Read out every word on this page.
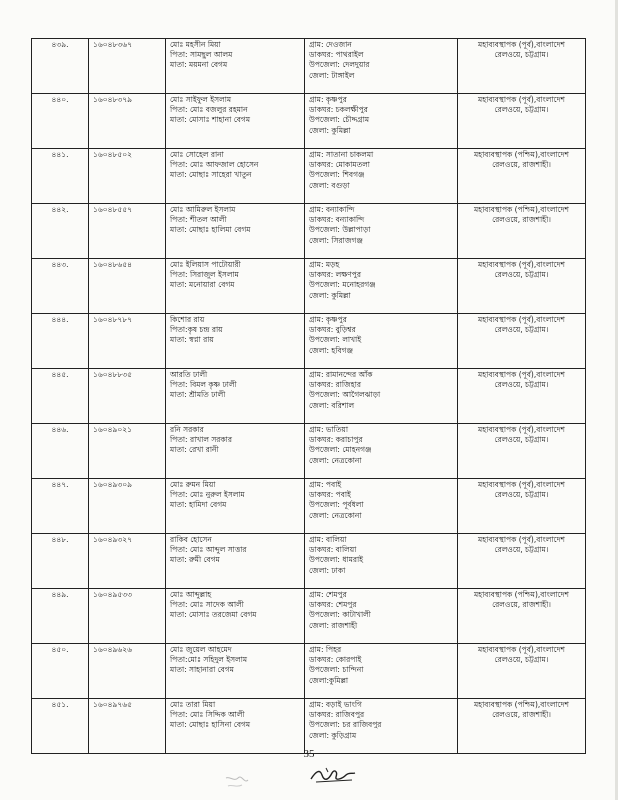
৪৩৯.	১৬০৪৮৩৬৭	মোঃ মহসীন মিয়া
পিতা: সামছুল আলম
মাতা: ময়মনা বেগম	গ্রাম: দেওজান
ডাকঘর: পাথরাইল
উপজেলা: দেলদুয়ার
জেলা: টাঙ্গাইল	মহাব্যবস্থাপক (পূর্ব),বাংলাদেশ
রেলওয়ে, চট্টগ্রাম।

৪৪০.	১৬০৪৮৩৭৯	মোঃ সাইফুল ইসলাম
পিতা: মোঃ বজলুর রহমান
মাতা: মোসাঃ শাহানা বেগম	গ্রাম: কৃষ্ণপুর
ডাকঘর: চকলক্ষীপুর
উপজেলা: চৌদ্দগ্রাম
জেলা: কুমিল্লা	মহাব্যবস্থাপক (পূর্ব),বাংলাদেশ
রেলওয়ে, চট্টগ্রাম।

৪৪১.	১৬০৪৮৫০২	মোঃ সোহেল রানা
পিতা: মোঃ আফজাল হোসেন
মাতা: মোছাঃ সাহেরা খাতুন	গ্রাম: সাতানা চাকলমা
ডাকঘর: মোকামতলা
উপজেলা: শিবগঞ্জ
জেলা: বগুড়া	মহাব্যবস্থাপক (পশ্চিম),বাংলাদেশ
রেলওয়ে, রাজশাহী।

৪৪২.	১৬০৪৮৫৫৭	মোঃ আমিরুল ইসলাম
পিতা: শীতল আলী
মাতা: মোছাঃ হালিমা বেগম	গ্রাম: বন্যাকান্দি
ডাকঘর: বন্যাকান্দি
উপজেলা: উল্লাপাড়া
জেলা: সিরাজগঞ্জ	মহাব্যবস্থাপক (পশ্চিম),বাংলাদেশ
রেলওয়ে, রাজশাহী।

৪৪৩.	১৬০৪৮৬৫৪	মোঃ ইলিয়াস পাটোয়ারী
পিতা: সিরাজুল ইসলাম
মাতা: মনোয়ারা বেগম	গ্রাম: মড়হ
ডাকঘর: লক্ষণপুর
উপজেলা: মনোহরগঞ্জ
জেলা: কুমিল্লা	মহাব্যবস্থাপক (পূর্ব),বাংলাদেশ
রেলওয়ে, চট্টগ্রাম।

৪৪৪.	১৬০৪৮৭৮৭	কিশোর রায়
পিতা:কৃষ চন্দ্র রায়
মাতা: স্বপ্না রায়	গ্রাম: কৃষ্ণপুর
ডাকঘর: বুড়িশ্বর
উপজেলা: লাখাই
জেলা: হবিগঞ্জ	মহাব্যবস্থাপক (পূর্ব),বাংলাদেশ
রেলওয়ে, চট্টগ্রাম।

৪৪৫.	১৬০৪৮৮৩৫	আরতি ঢালী
পিতা: বিমল কৃষ্ণ ঢালী
মাতা: শ্রীমতি ঢালী	গ্রাম: রামানন্দের আঁক
ডাকঘর: রাজিহার
উপজেলা: আগৈলঝাড়া
জেলা: বরিশাল	মহাব্যবস্থাপক (পূর্ব),বাংলাদেশ
রেলওয়ে, চট্টগ্রাম।

৪৪৬.	১৬০৪৯০২১	রনি সরকার
পিতা: রাখাল সরকার
মাতা: রেখা রানী	গ্রাম: ভাতিয়া
ডাকঘর: করাচাপুর
উপজেলা: মোহনগঞ্জ
জেলা: নেত্রকোনা	মহাব্যবস্থাপক (পূর্ব),বাংলাদেশ
রেলওয়ে, চট্টগ্রাম।

৪৪৭.	১৬০৪৯৩০৯	মোঃ রুমন মিয়া
পিতা: মোঃ নুরুল ইসলাম
মাতা: হামিদা বেগম	গ্রাম: পবাই
ডাকঘর: পবাই
উপজেলা: পূর্বধলা
জেলা: নেত্রকোনা	মহাব্যবস্থাপক (পূর্ব),বাংলাদেশ
রেলওয়ে, চট্টগ্রাম।

৪৪৮.	১৬০৪৯৩২৭	রাকিব হোসেন
পিতা: মোঃ আব্দুল সাত্তার
মাতা: রুমী বেগম	গ্রাম: বালিয়া
ডাকঘর: বালিয়া
উপজেলা: ধামরাই
জেলা: ঢাকা	মহাব্যবস্থাপক (পূর্ব),বাংলাদেশ
রেলওয়ে, চট্টগ্রাম।

৪৪৯.	১৬০৪৯৫৩৩	মোঃ আব্দুল্লাহ
পিতা: মোঃ সাদেক আলী
মাতা: মোসাঃ তরজেমা বেগম	গ্রাম: শেমপুর
ডাকঘর: শেমপুর
উপজেলা: কাটাখালী
জেলা: রাজশাহী	মহাব্যবস্থাপক (পশ্চিম),বাংলাদেশ
রেলওয়ে, রাজশাহী।

৪৫০.	১৬০৪৯৬২৬	মোঃ জুয়েল আহমেদ
পিতা:মোঃ সহিদুল ইসলাম
মাতা: সাহানারা বেগম	গ্রাম: পিহর
ডাকঘর: কোরপাই
উপজেলা: চান্দিনা
জেলা:কুমিল্লা	মহাব্যবস্থাপক (পূর্ব),বাংলাদেশ
রেলওয়ে, চট্টগ্রাম।

৪৫১.	১৬০৪৯৭৬৫	মোঃ তারা মিয়া
পিতা: মোঃ সিদ্দিক আলী
মাতা: মোছাঃ হাসিনা বেগম	গ্রাম: বড়াই ভাংগি
ডাকঘর: রাজিবপুর
উপজেলা: চর রাজিবপুর
জেলা: কুড়িগ্রাম	মহাব্যবস্থাপক (পশ্চিম),বাংলাদেশ
রেলওয়ে, রাজশাহী।
35
